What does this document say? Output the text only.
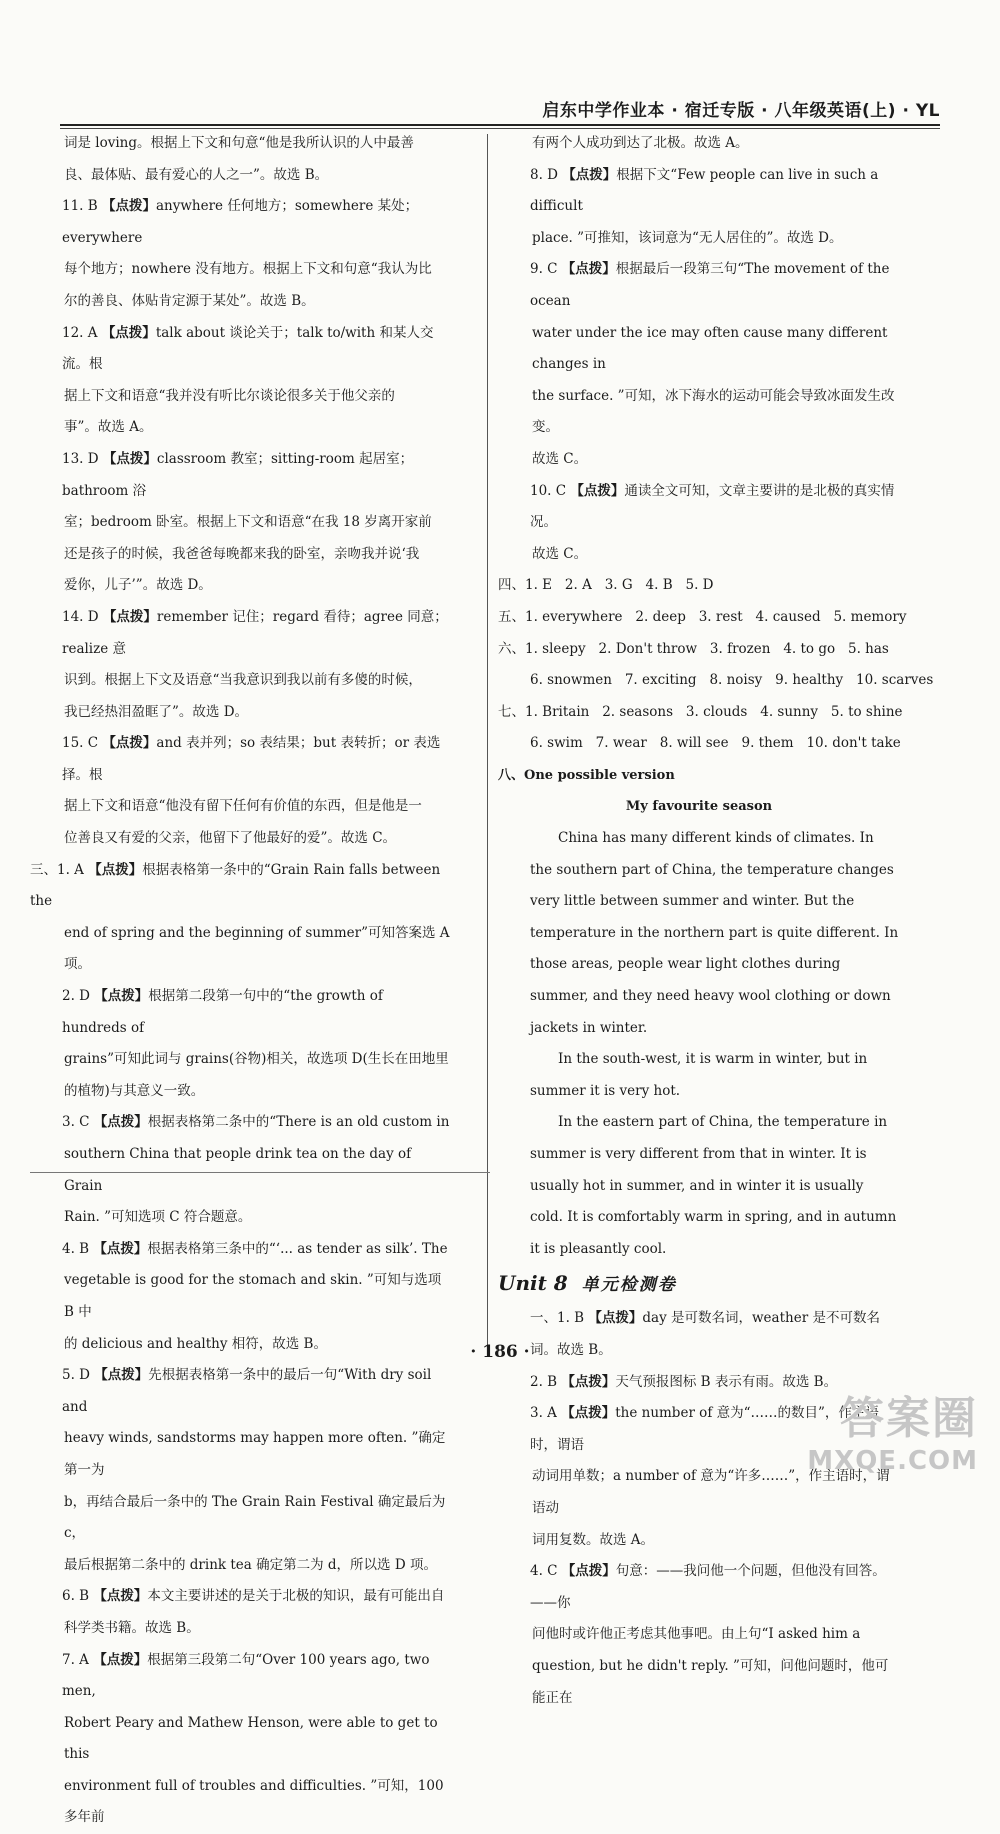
启东中学作业本 · 宿迁专版 · 八年级英语(上) · YL
词是 loving。根据上下文和句意“他是我所认识的人中最善
良、最体贴、最有爱心的人之一”。故选 B。
11. B 【点拨】anywhere 任何地方；somewhere 某处；everywhere
每个地方；nowhere 没有地方。根据上下文和句意“我认为比
尔的善良、体贴肯定源于某处”。故选 B。
12. A 【点拨】talk about 谈论关于；talk to/with 和某人交流。根
据上下文和语意“我并没有听比尔谈论很多关于他父亲的
事”。故选 A。
13. D 【点拨】classroom 教室；sitting-room 起居室；bathroom 浴
室；bedroom 卧室。根据上下文和语意“在我 18 岁离开家前
还是孩子的时候，我爸爸每晚都来我的卧室，亲吻我并说‘我
爱你，儿子’”。故选 D。
14. D 【点拨】remember 记住；regard 看待；agree 同意；realize 意
识到。根据上下文及语意“当我意识到我以前有多傻的时候，
我已经热泪盈眶了”。故选 D。
15. C 【点拨】and 表并列；so 表结果；but 表转折；or 表选择。根
据上下文和语意“他没有留下任何有价值的东西，但是他是一
位善良又有爱的父亲，他留下了他最好的爱”。故选 C。
三、1. A 【点拨】根据表格第一条中的“Grain Rain falls between the
end of spring and the beginning of summer”可知答案选 A 项。
2. D 【点拨】根据第二段第一句中的“the growth of hundreds of
grains”可知此词与 grains(谷物)相关，故选项 D(生长在田地里
的植物)与其意义一致。
3. C 【点拨】根据表格第二条中的“There is an old custom in
southern China that people drink tea on the day of Grain
Rain. ”可知选项 C 符合题意。
4. B 【点拨】根据表格第三条中的“‘... as tender as silk’. The
vegetable is good for the stomach and skin. ”可知与选项 B 中
的 delicious and healthy 相符，故选 B。
5. D 【点拨】先根据表格第一条中的最后一句“With dry soil and
heavy winds, sandstorms may happen more often. ”确定第一为
b，再结合最后一条中的 The Grain Rain Festival 确定最后为 c，
最后根据第二条中的 drink tea 确定第二为 d，所以选 D 项。
6. B 【点拨】本文主要讲述的是关于北极的知识，最有可能出自
科学类书籍。故选 B。
7. A 【点拨】根据第三段第二句“Over 100 years ago, two men,
Robert Peary and Mathew Henson, were able to get to this
environment full of troubles and difficulties. ”可知，100 多年前
有两个人成功到达了北极。故选 A。
8. D 【点拨】根据下文“Few people can live in such a difficult
place. ”可推知，该词意为“无人居住的”。故选 D。
9. C 【点拨】根据最后一段第三句“The movement of the ocean
water under the ice may often cause many different changes in
the surface. ”可知，冰下海水的运动可能会导致冰面发生改变。
故选 C。
10. C 【点拨】通读全文可知，文章主要讲的是北极的真实情况。
故选 C。
四、1. E   2. A   3. G   4. B   5. D
五、1. everywhere   2. deep   3. rest   4. caused   5. memory
六、1. sleepy   2. Don't throw   3. frozen   4. to go   5. has
6. snowmen   7. exciting   8. noisy   9. healthy   10. scarves
七、1. Britain   2. seasons   3. clouds   4. sunny   5. to shine
6. swim   7. wear   8. will see   9. them   10. don't take
八、One possible version
My favourite season
China has many different kinds of climates. In the southern part of China, the temperature changes very little between summer and winter. But the temperature in the northern part is quite different. In those areas, people wear light clothes during summer, and they need heavy wool clothing or down jackets in winter.
In the south-west, it is warm in winter, but in summer it is very hot.
In the eastern part of China, the temperature in summer is very different from that in winter. It is usually hot in summer, and in winter it is usually cold. It is comfortably warm in spring, and in autumn it is pleasantly cool.
Unit 8 单元检测卷
一、1. B 【点拨】day 是可数名词，weather 是不可数名词。故选 B。
2. B 【点拨】天气预报图标 B 表示有雨。故选 B。
3. A 【点拨】the number of 意为“……的数目”，作主语时，谓语
动词用单数；a number of 意为“许多……”，作主语时，谓语动
词用复数。故选 A。
4. C 【点拨】句意：——我问他一个问题，但他没有回答。——你
问他时或许他正考虑其他事吧。由上句“I asked him a
question, but he didn't reply. ”可知，问他问题时，他可能正在
· 186 ·
答案圈
MXQE.COM
